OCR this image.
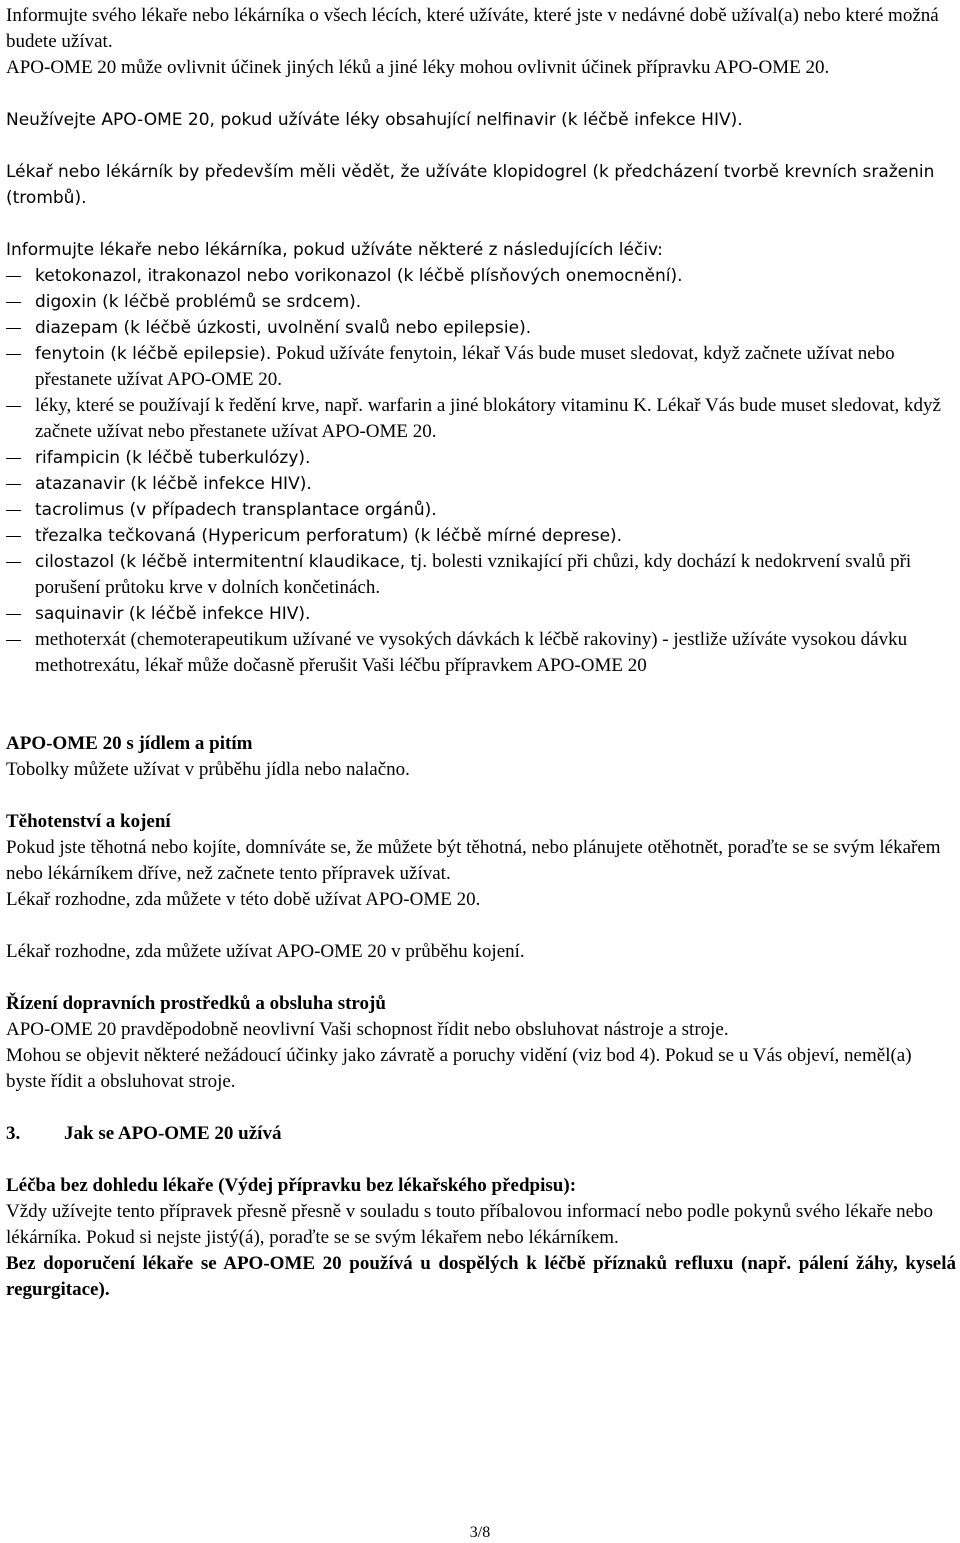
Informujte svého lékaře nebo lékárníka o všech lécích, které užíváte, které jste v nedávné době užíval(a) nebo které možná budete užívat.

APO-OME 20 může ovlivnit účinek jiných léků a jiné léky mohou ovlivnit účinek přípravku APO-OME 20.

Neužívejte APO-OME 20, pokud užíváte léky obsahující nelfinavir (k léčbě infekce HIV).

Lékař nebo lékárník by především měli vědět, že užíváte klopidogrel (k předcházení tvorbě krevních sraženin (trombů).

Informujte lékaře nebo lékárníka, pokud užíváte některé z následujících léčiv:

ketokonazol, itrakonazol nebo vorikonazol (k léčbě plísňových onemocnění).
digoxin (k léčbě problémů se srdcem).
diazepam (k léčbě úzkosti, uvolnění svalů nebo epilepsie).
fenytoin (k léčbě epilepsie). Pokud užíváte fenytoin, lékař Vás bude muset sledovat, když začnete užívat nebo přestanete užívat APO-OME 20.
léky, které se používají k ředění krve, např. warfarin a jiné blokátory vitaminu K. Lékař Vás bude muset sledovat, když začnete užívat nebo přestanete užívat APO-OME 20.
rifampicin (k léčbě tuberkulózy).
atazanavir (k léčbě infekce HIV).
tacrolimus (v případech transplantace orgánů).
třezalka tečkovaná (Hypericum perforatum) (k léčbě mírné deprese).
cilostazol (k léčbě intermitentní klaudikace, tj. bolesti vznikající při chůzi, kdy dochází k nedokrvení svalů při porušení průtoku krve v dolních končetinách.
saquinavir (k léčbě infekce HIV).
methoterxát (chemoterapeutikum užívané ve vysokých dávkách k léčbě rakoviny) - jestliže užíváte vysokou dávku methotrexátu, lékař může dočasně přerušit Vaši léčbu přípravkem APO-OME 20

APO-OME 20 s jídlem a pitím

Tobolky můžete užívat v průběhu jídla nebo nalačno.

Těhotenství a kojení

Pokud jste těhotná nebo kojíte, domníváte se, že můžete být těhotná, nebo plánujete otěhotnět, poraďte se se svým lékařem nebo lékárníkem dříve, než začnete tento přípravek užívat.

Lékař rozhodne, zda můžete v této době užívat APO-OME 20.

Lékař rozhodne, zda můžete užívat APO-OME 20 v průběhu kojení.

Řízení dopravních prostředků a obsluha strojů

APO-OME 20 pravděpodobně neovlivní Vaši schopnost řídit nebo obsluhovat nástroje a stroje.

Mohou se objevit některé nežádoucí účinky jako závratě a poruchy vidění (viz bod 4). Pokud se u Vás objeví, neměl(a) byste řídit a obsluhovat stroje.

3. Jak se APO-OME 20 užívá

Léčba bez dohledu lékaře (Výdej přípravku bez lékařského předpisu):

Vždy užívejte tento přípravek přesně přesně v souladu s touto příbalovou informací nebo podle pokynů svého lékaře nebo lékárníka. Pokud si nejste jistý(á), poraďte se se svým lékařem nebo lékárníkem.

Bez doporučení lékaře se APO-OME 20 používá u dospělých k léčbě příznaků refluxu (např. pálení žáhy, kyselá regurgitace).

3/8
